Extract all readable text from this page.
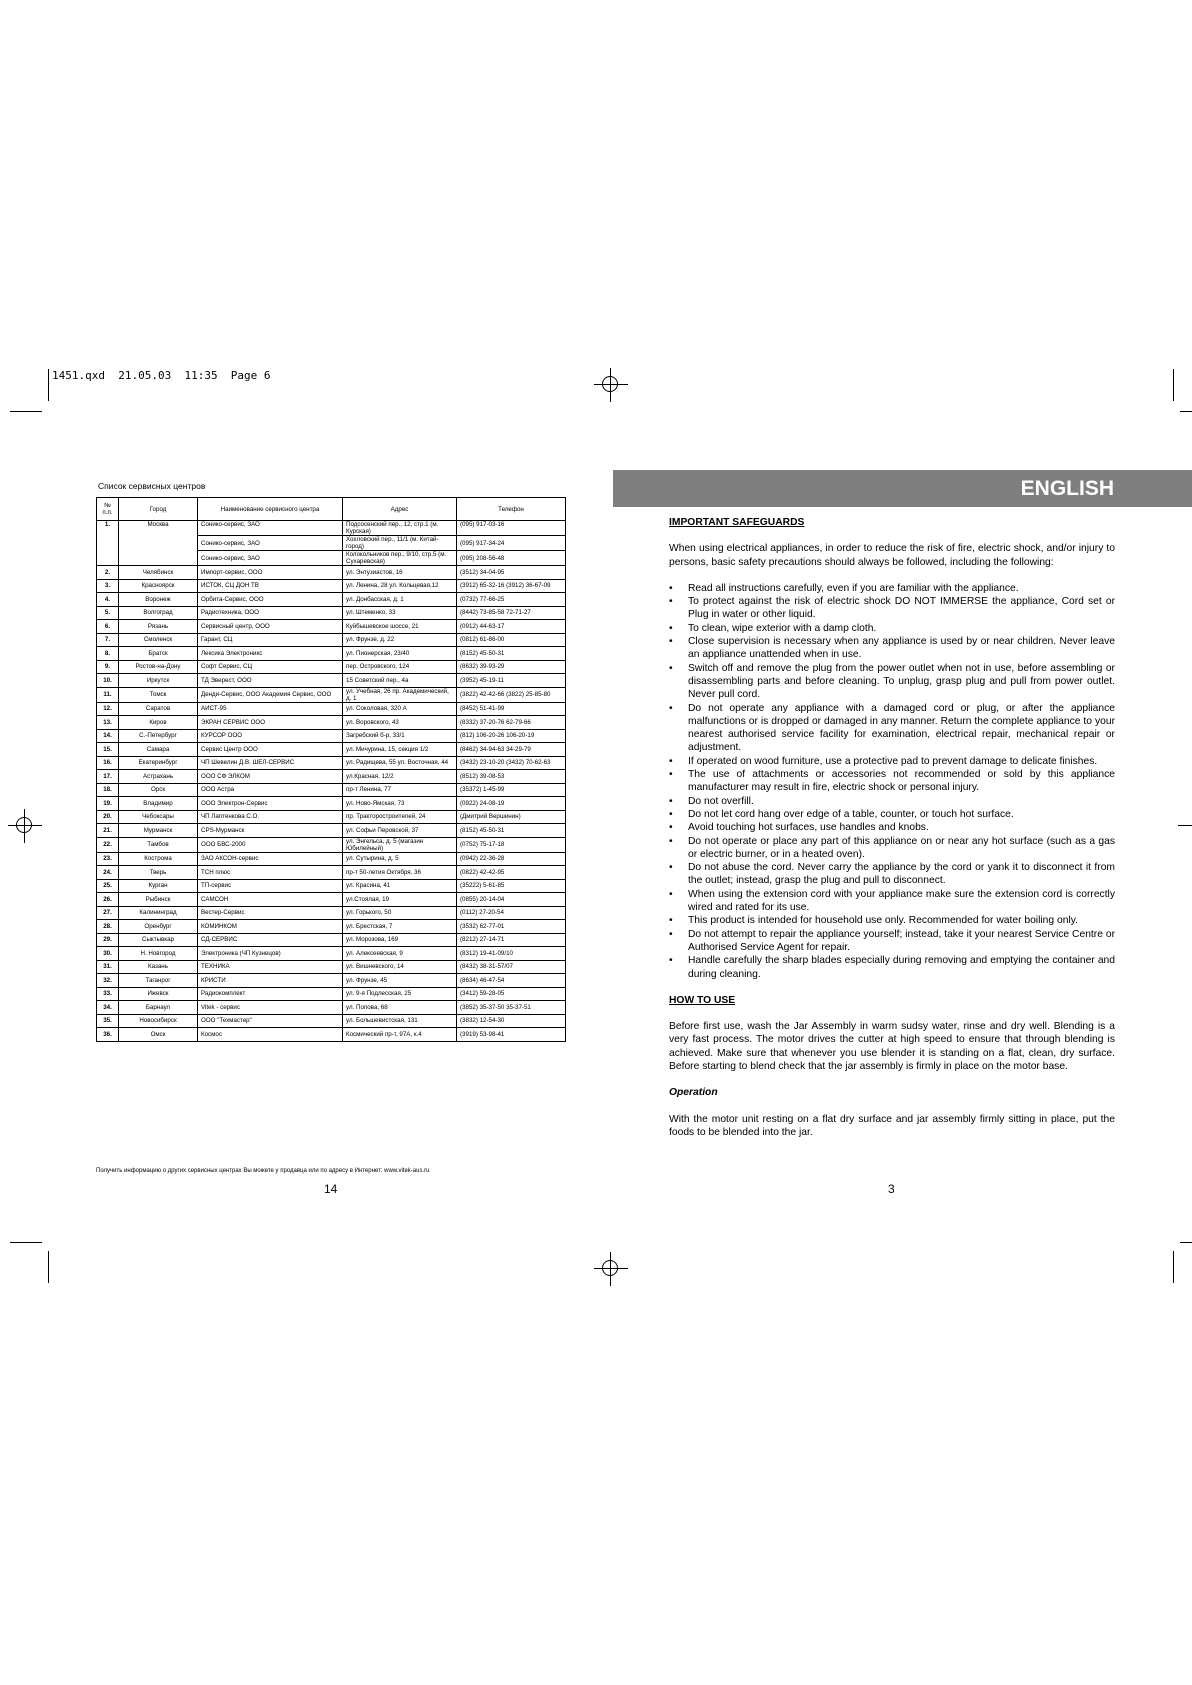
1451.qxd  21.05.03  11:35  Page 6
Список сервисных центров
№ п.п.	Город	Наименование сервисного центра	Адрес	Телефон
1.	Москва	Сонико-сервис, ЗАО	Подсосенский пер., 12, стр.1 (м. Курская)	(095) 917-03-16
		Сонико-сервис, ЗАО	Хохловский пер., 11/1 (м. Китай-город)	(095) 917-34-24
		Сонико-сервис, ЗАО	Колокольников пер., 9/10, стр.5 (м. Сухаревская)	(095) 208-56-48
2.	Челябинск	Импорт-сервис, ООО	ул. Энтузиастов, 16	(3512) 34-04-95
3.	Красноярск	ИСТОК, СЦ ДОН ТВ	ул. Ленина, 28 ул. Кольцевая,12	(3912) 65-32-16 (3912) 36-67-09
4.	Воронеж	Орбита-Сервис, ООО	ул. Донбасская, д. 1	(0732) 77-66-25
5.	Волгоград	Радиотехника, ООО	ул. Штеменко, 33	(8442) 73-85-58 72-71-27
6.	Рязань	Сервисный центр, ООО	Куйбышевское шоссе, 21	(0912) 44-63-17
7.	Смоленск	Гарант, СЦ	ул. Фрунзе, д. 22	(0812) 61-86-00
8.	Братск	Лексика Электроникс	ул. Пионерская, 23/40	(8152) 45-50-31
9.	Ростов-на-Дону	Софт Сервис, СЦ	пер. Островского, 124	(8632) 39-93-29
10.	Иркутск	ТД Эверест, ООО	15 Советский пер., 4а	(3952) 45-19-11
11.	Томск	Денди-Сервис, ООО Академия Сервис, ООО	ул. Учебная, 26 пр. Академический, д. 1	(3822) 42-42-66 (3822) 25-85-80
12.	Саратов	АИСТ-95	ул. Соколовая, 320 А	(8452) 51-41-99
13.	Киров	ЭКРАН СЕРВИС ООО	ул. Воровского, 43	(8332) 37-20-76 62-79-66
14.	С.-Петербург	КУРСОР ООО	Загребский б-р, 33/1	(812) 106-20-26 106-20-19
15.	Самара	Сервис Центр ООО	ул. Мичурина, 15, секция 1/2	(8462) 34-94-63 34-29-79
16.	Екатеринбург	ЧП Шевелин Д.В. ШЕЛ-СЕРВИС	ул. Радищева, 55 ул. Восточная, 44	(3432) 23-10-20 (3432) 70-62-63
17.	Астрахань	ООО СФ ЭЛКОМ	ул.Красная, 12/2	(8512) 39-08-53
18.	Орск	ООО Астра	пр-т Ленина, 77	(35372) 1-45-99
19.	Владимир	ООО Электрон-Сервис	ул. Ново-Ямская, 73	(0922) 24-08-19
20.	Чебоксары	ЧП Лаптенкова С.О.	пр. Тракторостроителей, 24	(Дмитрий Вершинин)
21.	Мурманск	CPS-Мурманск	ул. Софьи Перовской, 37	(8152) 45-50-31
22.	Тамбов	ООО БВС-2000	ул. Энгельса, д. 5 (магазин Юбилейный)	(0752) 75-17-18
23.	Кострома	ЗАО АКСОН-сервис	ул. Сутырина, д. 5	(0942) 22-36-28
24.	Тверь	ТСН плюс	пр-т 50-летия Октября, 36	(0822) 42-42-95
25.	Курган	ТП-сервис	ул. Красина, 41	(35222) 5-61-85
26.	Рыбинск	САМСОН	ул.Стоялая, 19	(0855) 20-14-04
27.	Калининград	Вестер-Сервис	ул. Горького, 50	(0112) 27-20-54
28.	Оренбург	КОМИНКОМ	ул. Брестская, 7	(3532) 62-77-01
29.	Сыктывкар	СД-СЕРВИС	ул. Морозова, 169	(8212) 27-14-71
30.	Н. Новгород	Электроника (ЧП Кузнецов)	ул. Алексеевская, 9	(8312) 19-41-09/10
31.	Казань	ТЕХНИКА	ул. Вишневского, 14	(8432) 38-31-57/07
32.	Таганрог	КРИСТИ	ул. Фрунзе, 45	(8634) 46-47-54
33.	Ижевск	Радиокомплект	ул. 9-я Подлесская, 25	(3412) 59-28-05
34.	Барнаул	Vitek - сервис	ул. Попова, 68	(3852) 35-37-50 35-37-51
35.	Новосибирск	ООО "Техмастер"	ул. Большевистская, 131	(3832) 12-54-30
36.	Омск	Космос	Космический пр-т, 97А, к.4	(3919) 53-98-41
Получить информацию о других сервисных центрах Вы можете у продавца или по адресу в Интернет: www.vitek-aus.ru
14
ENGLISH
IMPORTANT SAFEGUARDS

When using electrical appliances, in order to reduce the risk of fire, electric shock, and/or injury to persons, basic safety precautions should always be followed, including the following:

• Read all instructions carefully, even if you are familiar with the appliance.
• To protect against the risk of electric shock DO NOT IMMERSE the appliance, Cord set or Plug in water or other liquid.
• To clean, wipe exterior with a damp cloth.
• Close supervision is necessary when any appliance is used by or near children. Never leave an appliance unattended when in use.
• Switch off and remove the plug from the power outlet when not in use, before assembling or disassembling parts and before cleaning. To unplug, grasp plug and pull from power outlet. Never pull cord.
• Do not operate any appliance with a damaged cord or plug, or after the appliance malfunctions or is dropped or damaged in any manner. Return the complete appliance to your nearest authorised service facility for examination, electrical repair, mechanical repair or adjustment.
• If operated on wood furniture, use a protective pad to prevent damage to delicate finishes.
• The use of attachments or accessories not recommended or sold by this appliance manufacturer may result in fire, electric shock or personal injury.
• Do not overfill.
• Do not let cord hang over edge of a table, counter, or touch hot surface.
• Avoid touching hot surfaces, use handles and knobs.
• Do not operate or place any part of this appliance on or near any hot surface (such as a gas or electric burner, or in a heated oven).
• Do not abuse the cord. Never carry the appliance by the cord or yank it to disconnect it from the outlet; instead, grasp the plug and pull to disconnect.
• When using the extension cord with your appliance make sure the extension cord is correctly wired and rated for its use.
• This product is intended for household use only. Recommended for water boiling only.
• Do not attempt to repair the appliance yourself; instead, take it your nearest Service Centre or Authorised Service Agent for repair.
• Handle carefully the sharp blades especially during removing and emptying the container and during cleaning.
HOW TO USE

Before first use, wash the Jar Assembly in warm sudsy water, rinse and dry well. Blending is a very fast process. The motor drives the cutter at high speed to ensure that through blending is achieved. Make sure that whenever you use blender it is standing on a flat, clean, dry surface. Before starting to blend check that the jar assembly is firmly in place on the motor base.

Operation

With the motor unit resting on a flat dry surface and jar assembly firmly sitting in place, put the foods to be blended into the jar.

3
